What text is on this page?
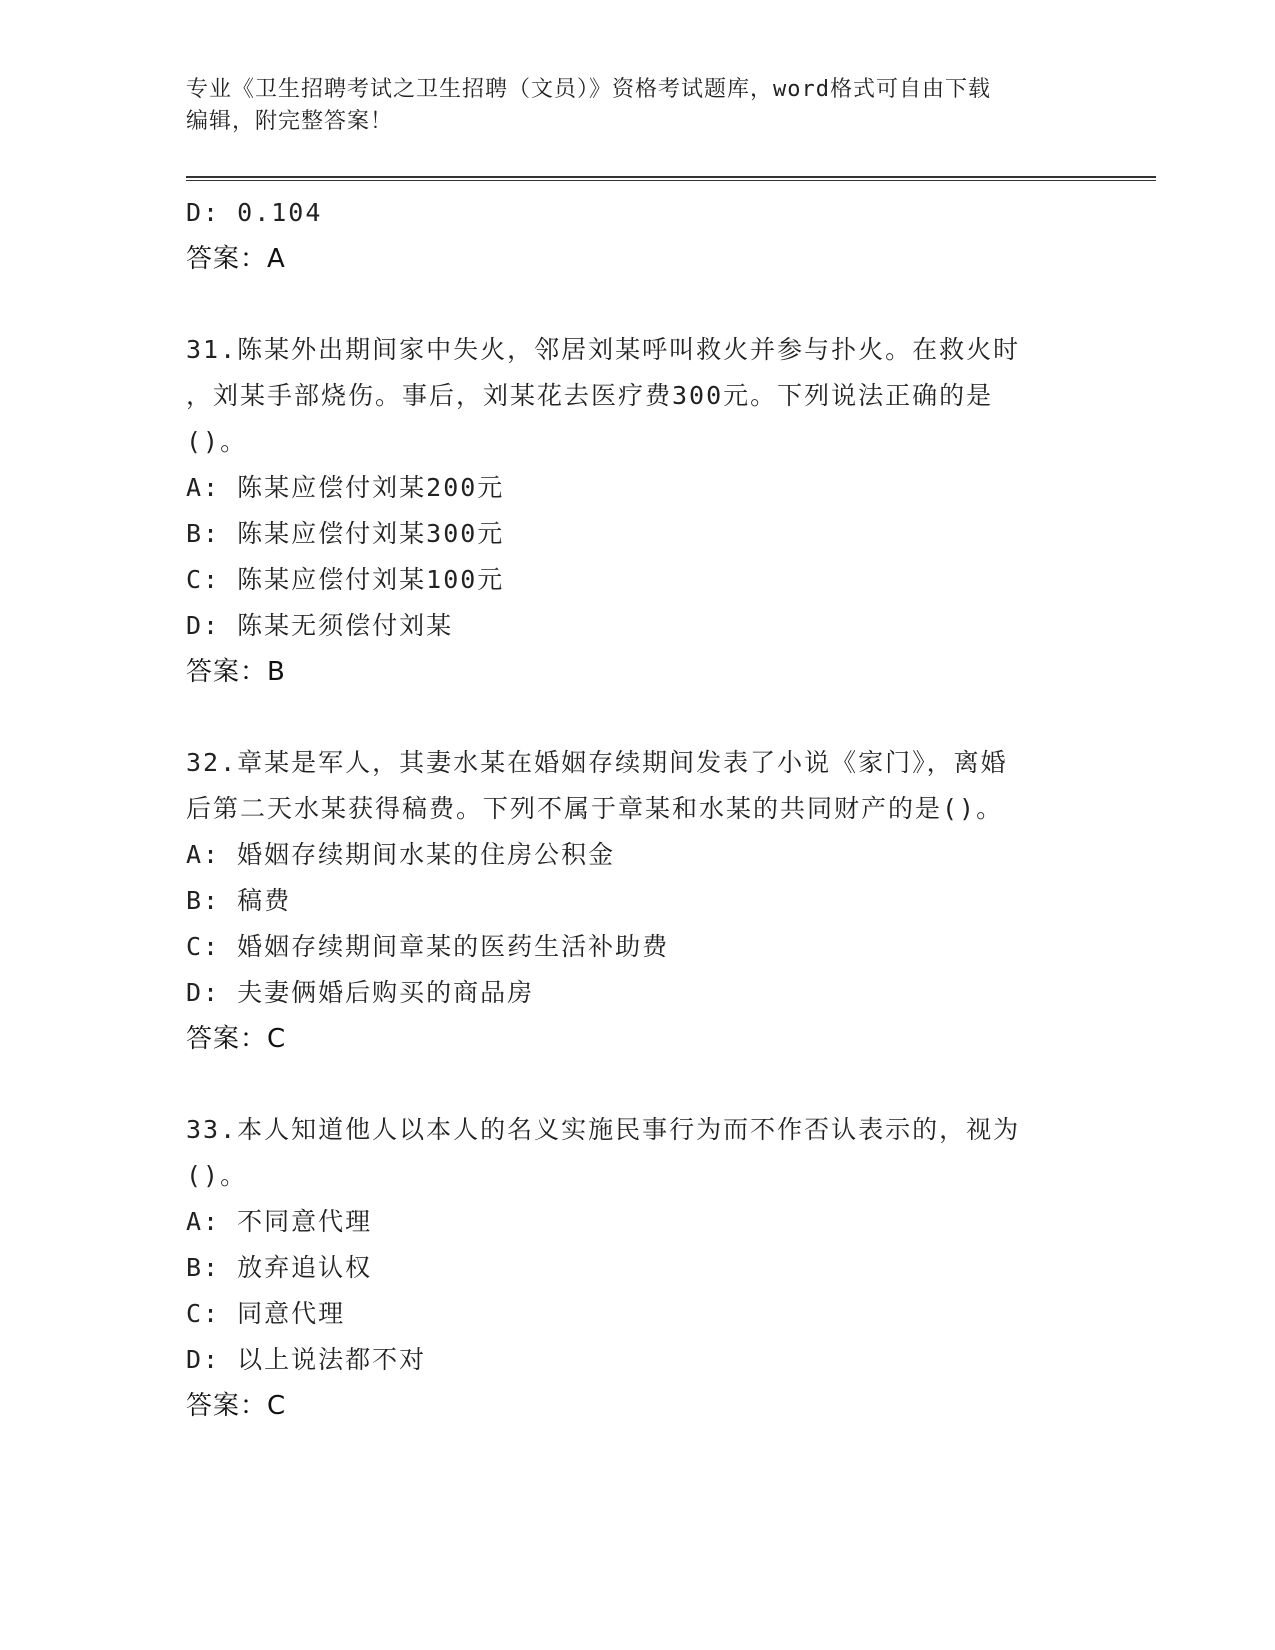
专业《卫生招聘考试之卫生招聘（文员）》资格考试题库，word格式可自由下载
编辑，附完整答案！

D: 0.104

答案：A

31.陈某外出期间家中失火，邻居刘某呼叫救火并参与扑火。在救火时

，刘某手部烧伤。事后，刘某花去医疗费300元。下列说法正确的是

()。

A: 陈某应偿付刘某200元

B: 陈某应偿付刘某300元

C: 陈某应偿付刘某100元

D: 陈某无须偿付刘某

答案：B

32.章某是军人，其妻水某在婚姻存续期间发表了小说《家门》，离婚

后第二天水某获得稿费。下列不属于章某和水某的共同财产的是()。

A: 婚姻存续期间水某的住房公积金

B: 稿费

C: 婚姻存续期间章某的医药生活补助费

D: 夫妻俩婚后购买的商品房

答案：C

33.本人知道他人以本人的名义实施民事行为而不作否认表示的，视为

()。

A: 不同意代理

B: 放弃追认权

C: 同意代理

D: 以上说法都不对

答案：C
